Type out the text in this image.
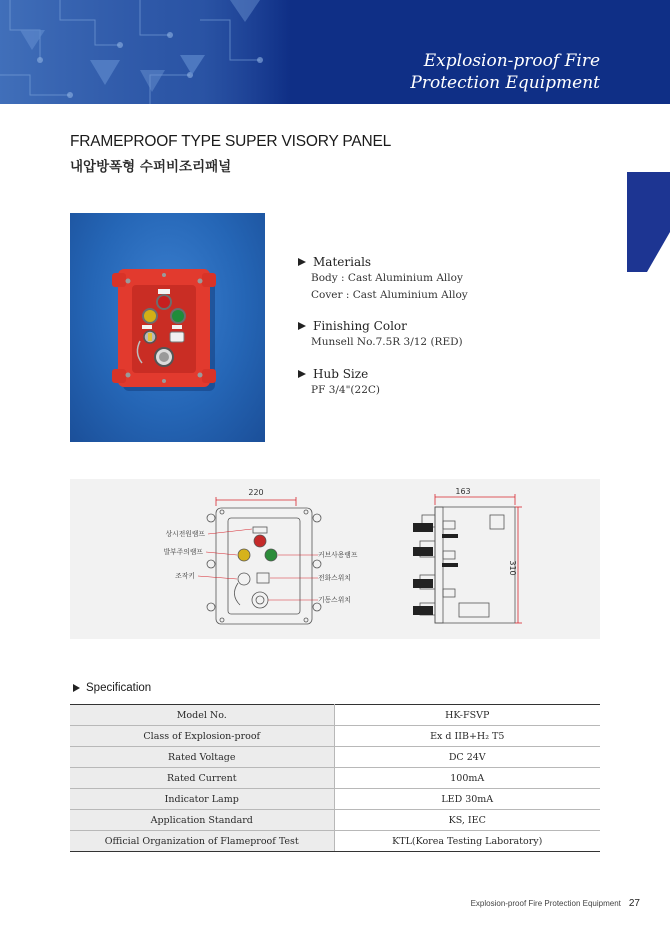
Explosion-proof Fire
Protection Equipment
FRAMEPROOF TYPE SUPER VISORY PANEL
내압방폭형 수퍼비조리패널
Materials
Body : Cast Aluminium Alloy
Cover : Cast Aluminium Alloy
Finishing Color
Munsell No.7.5R 3/12 (RED)
Hub Size
PF 3/4"(22C)
220
상시전원램프
발부주의램프
조작키
커브사용램프
전화스위치
기동스위치
163
310
Specification
Model No.	HK-FSVP
Class of Explosion-proof	Ex d IIB+H₂ T5
Rated Voltage	DC 24V
Rated Current	100mA
Indicator Lamp	LED 30mA
Application Standard	KS, IEC
Official Organization of Flameproof Test	KTL(Korea Testing Laboratory)
Explosion-proof Fire Protection Equipment 27
